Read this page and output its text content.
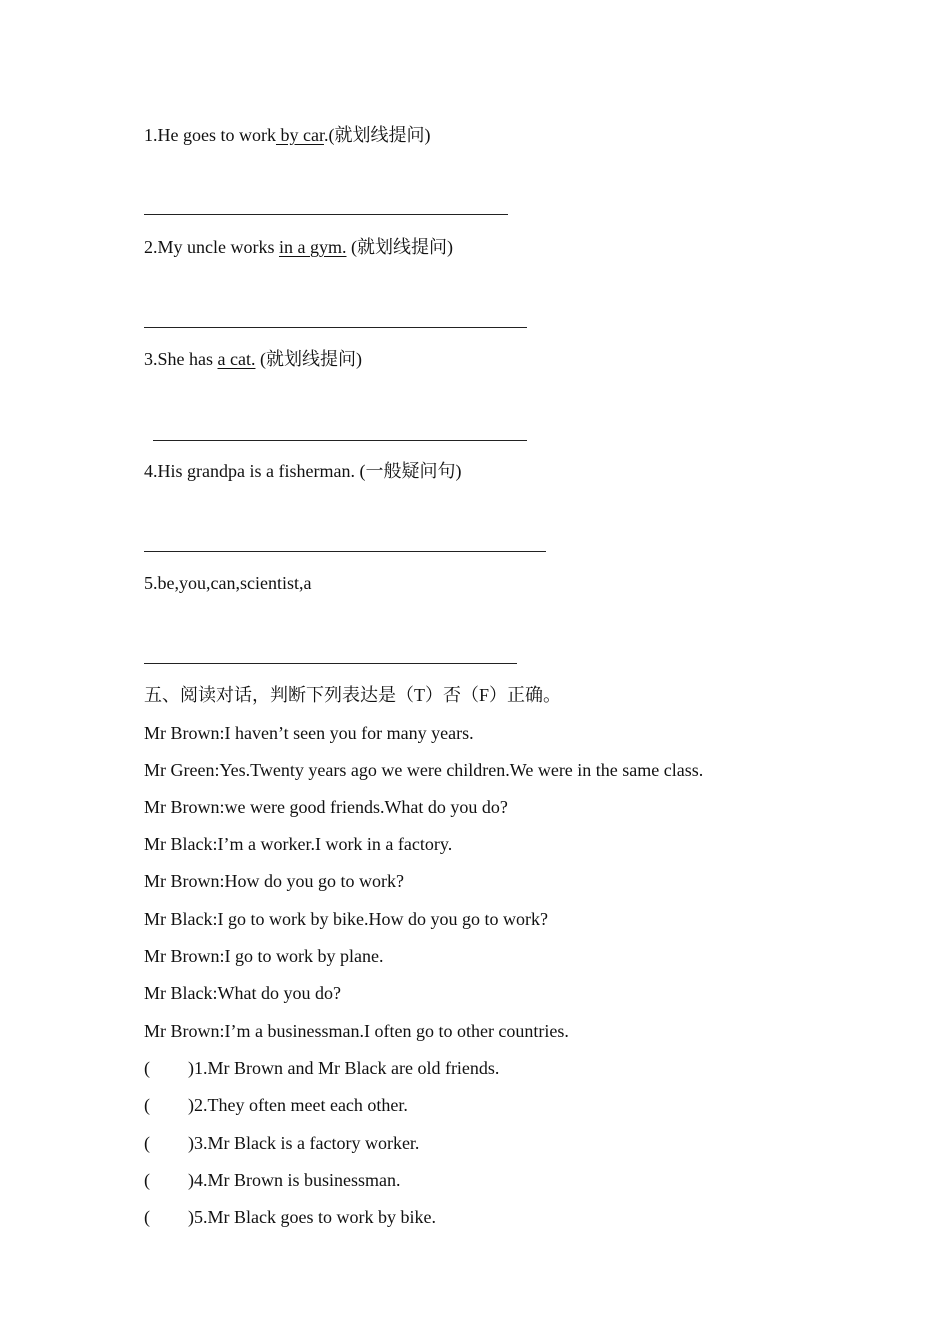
1.He goes to work by car.(就划线提问)
2.My uncle works in a gym. (就划线提问)
3.She has a cat. (就划线提问)
4.His grandpa is a fisherman. (一般疑问句)
5.be,you,can,scientist,a
五、阅读对话，判断下列表达是（T）否（F）正确。
Mr Brown:I haven’t seen you for many years.
Mr Green:Yes.Twenty years ago we were children.We were in the same class.
Mr Brown:we were good friends.What do you do?
Mr Black:I’m a worker.I work in a factory.
Mr Brown:How do you go to work?
Mr Black:I go to work by bike.How do you go to work?
Mr Brown:I go to work by plane.
Mr Black:What do you do?
Mr Brown:I’m a businessman.I often go to other countries.
( )1.Mr Brown and Mr Black are old friends.
( )2.They often meet each other.
( )3.Mr Black is a factory worker.
( )4.Mr Brown is businessman.
( )5.Mr Black goes to work by bike.
